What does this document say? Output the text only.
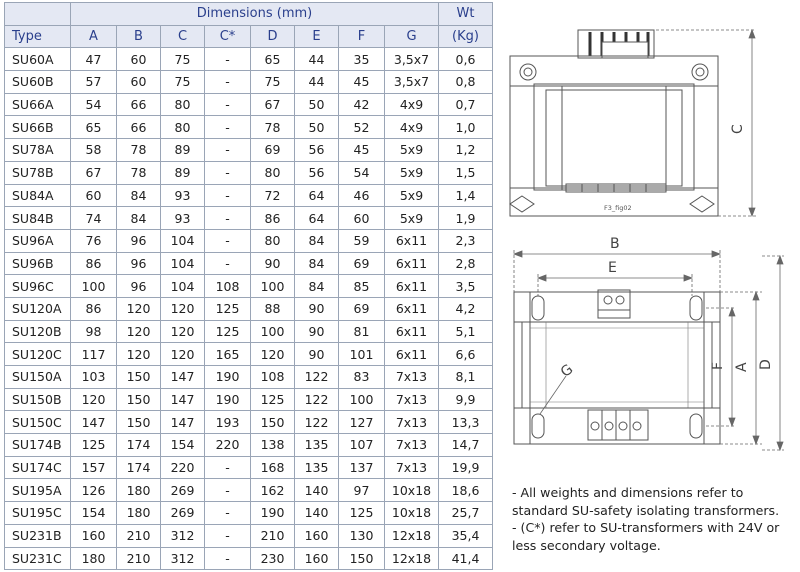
	Dimensions (mm)								Wt
Type	A	B	C	C*	D	E	F	G	(Kg)
SU60A	47	60	75	-	65	44	35	3,5x7	0,6
SU60B	57	60	75	-	75	44	45	3,5x7	0,8
SU66A	54	66	80	-	67	50	42	4x9	0,7
SU66B	65	66	80	-	78	50	52	4x9	1,0
SU78A	58	78	89	-	69	56	45	5x9	1,2
SU78B	67	78	89	-	80	56	54	5x9	1,5
SU84A	60	84	93	-	72	64	46	5x9	1,4
SU84B	74	84	93	-	86	64	60	5x9	1,9
SU96A	76	96	104	-	80	84	59	6x11	2,3
SU96B	86	96	104	-	90	84	69	6x11	2,8
SU96C	100	96	104	108	100	84	85	6x11	3,5
SU120A	86	120	120	125	88	90	69	6x11	4,2
SU120B	98	120	120	125	100	90	81	6x11	5,1
SU120C	117	120	120	165	120	90	101	6x11	6,6
SU150A	103	150	147	190	108	122	83	7x13	8,1
SU150B	120	150	147	190	125	122	100	7x13	9,9
SU150C	147	150	147	193	150	122	127	7x13	13,3
SU174B	125	174	154	220	138	135	107	7x13	14,7
SU174C	157	174	220	-	168	135	137	7x13	19,9
SU195A	126	180	269	-	162	140	97	10x18	18,6
SU195C	154	180	269	-	190	140	125	10x18	25,7
SU231B	160	210	312	-	210	160	130	12x18	35,4
SU231C	180	210	312	-	230	160	150	12x18	41,4
F3_fig02
C
B
E
G	F A D

- All weights and dimensions refer to standard SU-safety isolating transformers.

- (C*) refer to SU-transformers with 24V or less secondary voltage.
